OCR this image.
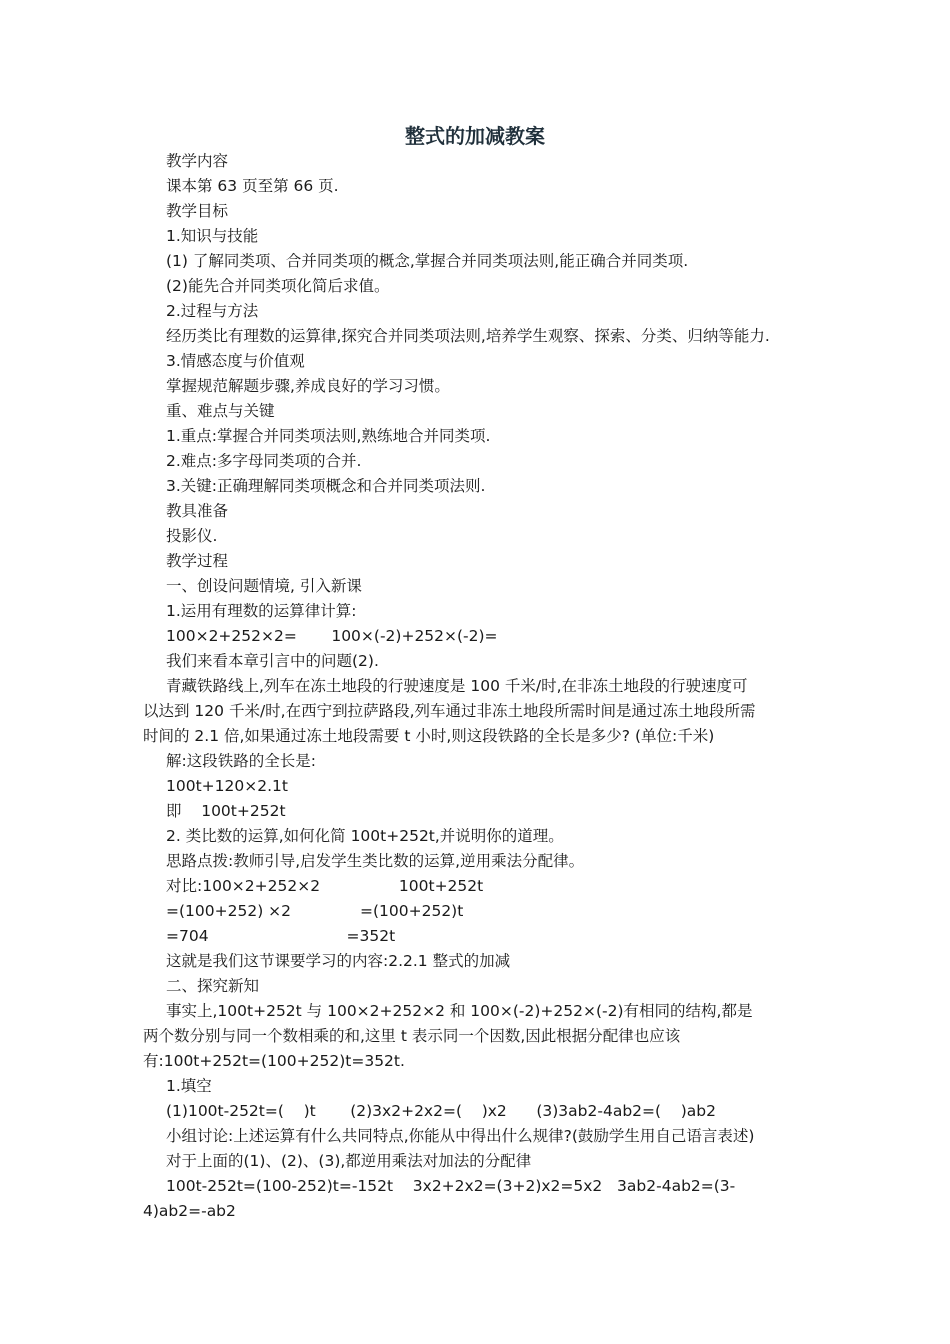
整式的加减教案
教学内容
课本第 63 页至第 66 页.
教学目标
1.知识与技能
(1) 了解同类项、合并同类项的概念,掌握合并同类项法则,能正确合并同类项.
(2)能先合并同类项化简后求值。
2.过程与方法
经历类比有理数的运算律,探究合并同类项法则,培养学生观察、探索、分类、归纳等能力.
3.情感态度与价值观
掌握规范解题步骤,养成良好的学习习惯。
重、难点与关键
1.重点:掌握合并同类项法则,熟练地合并同类项.
2.难点:多字母同类项的合并.
3.关键:正确理解同类项概念和合并同类项法则.
教具准备
投影仪.
教学过程
一、创设问题情境, 引入新课
1.运用有理数的运算律计算:
100×2+252×2=       100×(-2)+252×(-2)=
我们来看本章引言中的问题(2).
青藏铁路线上,列车在冻土地段的行驶速度是 100 千米/时,在非冻土地段的行驶速度可
以达到 120 千米/时,在西宁到拉萨路段,列车通过非冻土地段所需时间是通过冻土地段所需
时间的 2.1 倍,如果通过冻土地段需要 t 小时,则这段铁路的全长是多少? (单位:千米)
解:这段铁路的全长是:
100t+120×2.1t
即    100t+252t
2. 类比数的运算,如何化简 100t+252t,并说明你的道理。
思路点拨:教师引导,启发学生类比数的运算,逆用乘法分配律。
对比:100×2+252×2                100t+252t
=(100+252) ×2              =(100+252)t
=704                            =352t
这就是我们这节课要学习的内容:2.2.1 整式的加减
二、探究新知
事实上,100t+252t 与 100×2+252×2 和 100×(-2)+252×(-2)有相同的结构,都是
两个数分别与同一个数相乘的和,这里 t 表示同一个因数,因此根据分配律也应该
有:100t+252t=(100+252)t=352t.
1.填空
(1)100t-252t=(    )t       (2)3x2+2x2=(    )x2      (3)3ab2-4ab2=(    )ab2
小组讨论:上述运算有什么共同特点,你能从中得出什么规律?(鼓励学生用自己语言表述)
对于上面的(1)、(2)、(3),都逆用乘法对加法的分配律
100t-252t=(100-252)t=-152t    3x2+2x2=(3+2)x2=5x2   3ab2-4ab2=(3-
4)ab2=-ab2
